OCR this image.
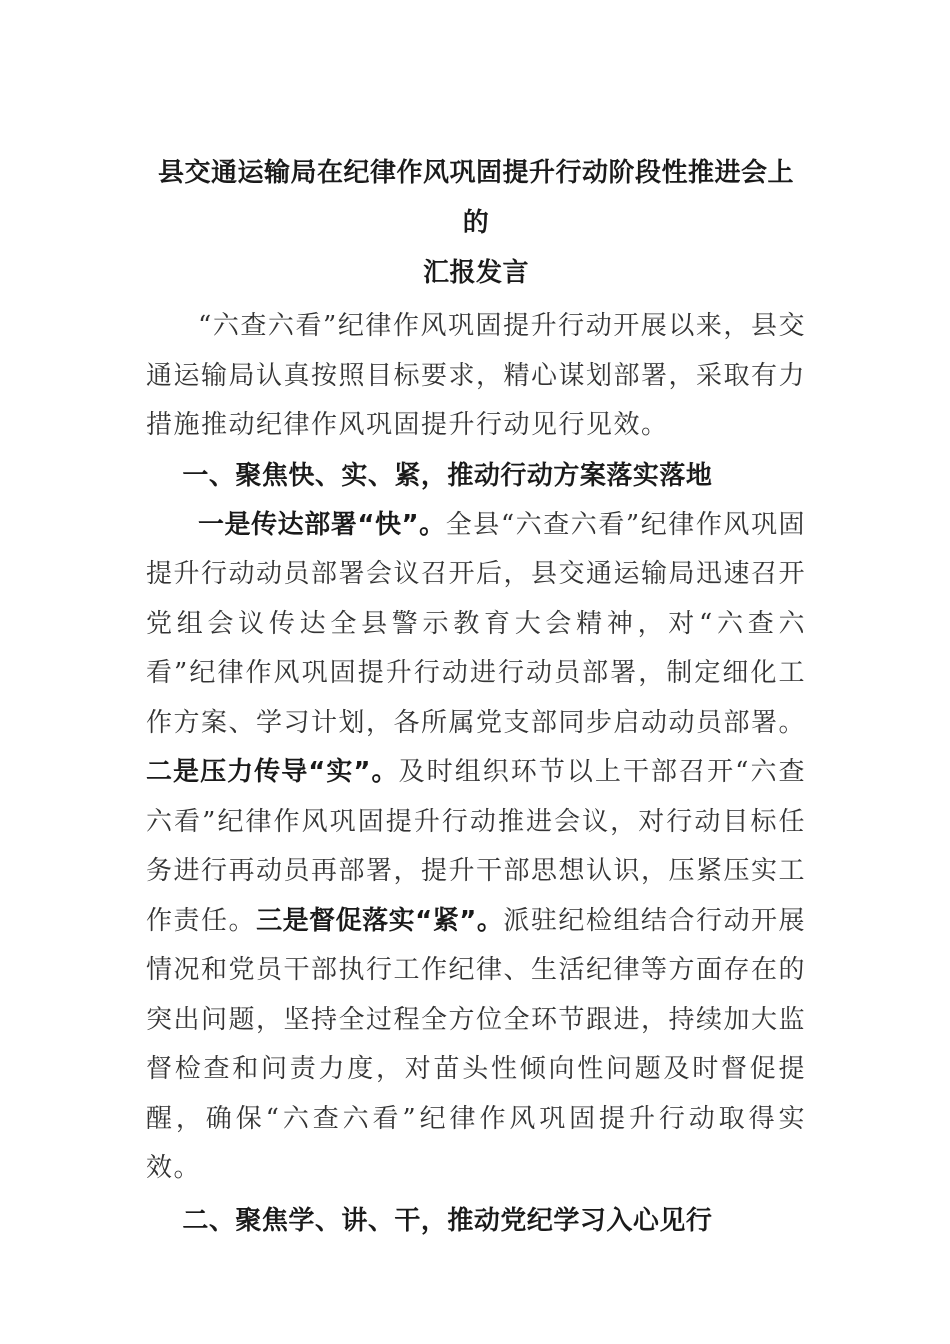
县交通运输局在纪律作风巩固提升行动阶段性推进会上的
汇报发言

“六查六看”纪律作风巩固提升行动开展以来，县交通运输局认真按照目标要求，精心谋划部署，采取有力措施推动纪律作风巩固提升行动见行见效。

一、聚焦快、实、紧，推动行动方案落实落地

一是传达部署“快”。全县“六查六看”纪律作风巩固提升行动动员部署会议召开后，县交通运输局迅速召开党组会议传达全县警示教育大会精神，对“六查六看”纪律作风巩固提升行动进行动员部署，制定细化工作方案、学习计划，各所属党支部同步启动动员部署。二是压力传导“实”。及时组织环节以上干部召开“六查六看”纪律作风巩固提升行动推进会议，对行动目标任务进行再动员再部署，提升干部思想认识，压紧压实工作责任。三是督促落实“紧”。派驻纪检组结合行动开展情况和党员干部执行工作纪律、生活纪律等方面存在的突出问题，坚持全过程全方位全环节跟进，持续加大监督检查和问责力度，对苗头性倾向性问题及时督促提醒，确保“六查六看”纪律作风巩固提升行动取得实效。

二、聚焦学、讲、干，推动党纪学习入心见行
